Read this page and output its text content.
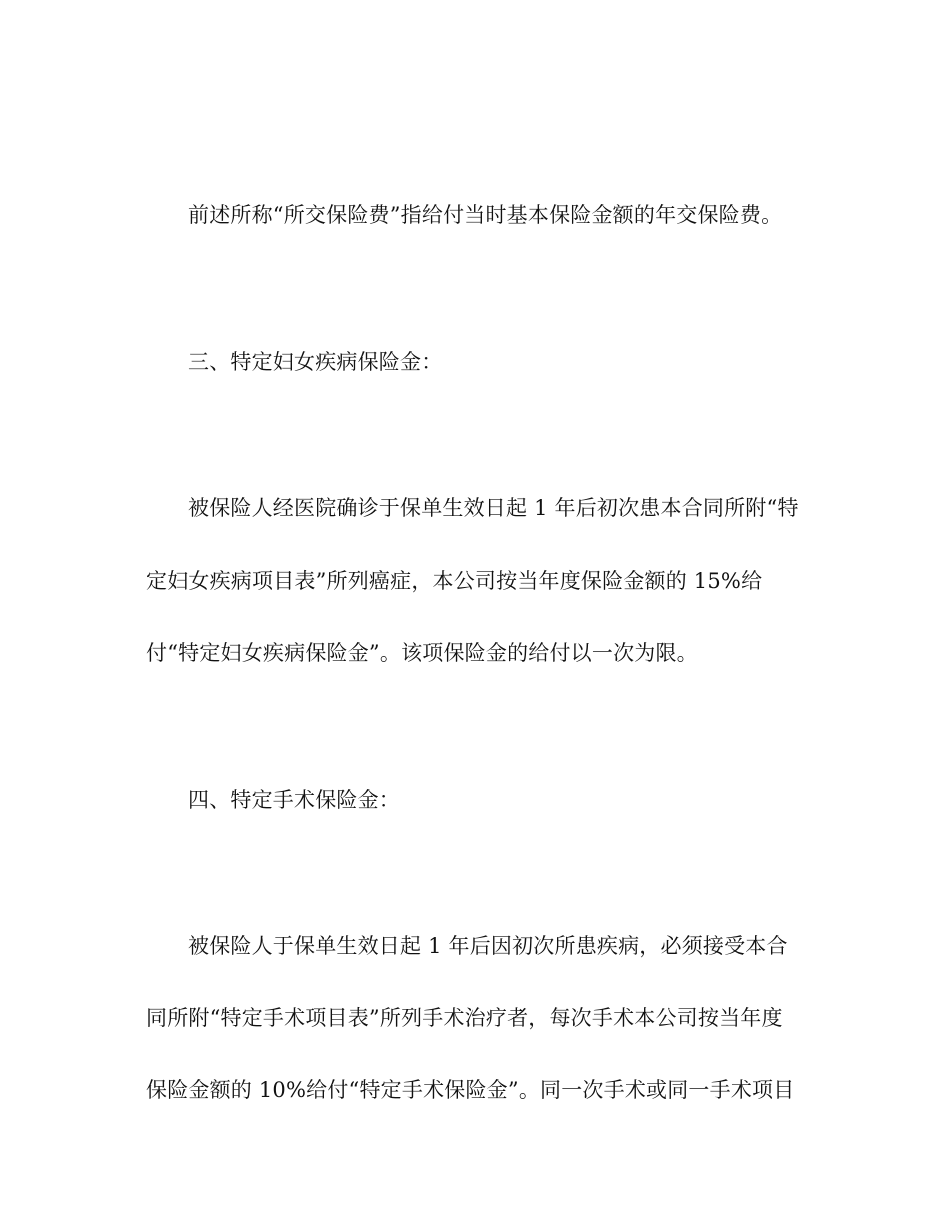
前述所称“所交保险费”指给付当时基本保险金额的年交保险费。
三、特定妇女疾病保险金：
被保险人经医院确诊于保单生效日起 1 年后初次患本合同所附“特
定妇女疾病项目表”所列癌症，本公司按当年度保险金额的 15%给
付“特定妇女疾病保险金”。该项保险金的给付以一次为限。
四、特定手术保险金：
被保险人于保单生效日起 1 年后因初次所患疾病，必须接受本合
同所附“特定手术项目表”所列手术治疗者，每次手术本公司按当年度
保险金额的 10%给付“特定手术保险金”。同一次手术或同一手术项目
